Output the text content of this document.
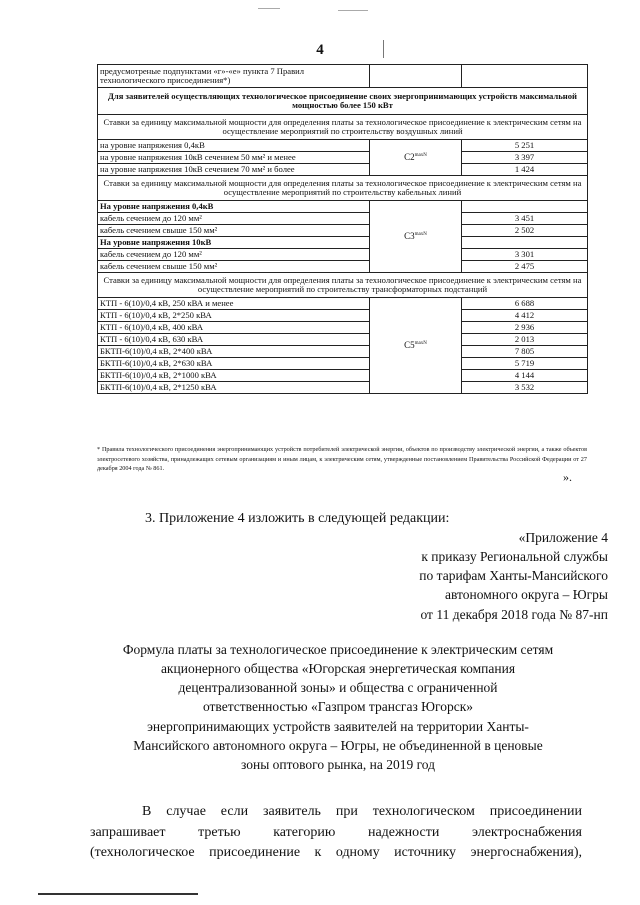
4
предусмотреные подпунктами «г»-«е» пункта 7 Правил технологического присоединения*)		
Для заявителей осуществляющих технологическое присоединение своих энергопринимающих устройств максимальной мощностью более 150 кВт		
Ставки за единицу максимальной мощности для определения платы за технологическое присоединение к электрическим сетям на осуществление мероприятий по строительству воздушных линий		
на уровне напряжения 0,4кВ	$С2^{maxN}$	5 251
на уровне напряжения 10кВ сечением 50 мм² и менее		3 397
на уровне напряжения 10кВ сечением 70 мм² и более		1 424
Ставки за единицу максимальной мощности для определения платы за технологическое присоединение к электрическим сетям на осуществление мероприятий по строительству кабельных линий		
На уровне напряжения 0,4кВ	$С3^{maxN}$	
кабель сечением до 120 мм²		3 451
кабель сечением свыше 150 мм²		2 502
На уровне напряжения 10кВ		
кабель сечением до 120 мм²		3 301
кабель сечением свыше 150 мм²		2 475
Ставки за единицу максимальной мощности для определения платы за технологическое присоединение к электрическим сетям на осуществление мероприятий по строительству трансформаторных подстанций		
КТП - 6(10)/0,4 кВ, 250 кВА и менее	$С5^{maxN}$	6 688
КТП - 6(10)/0,4 кВ, 2*250 кВА		4 412
КТП - 6(10)/0,4 кВ, 400 кВА		2 936
КТП - 6(10)/0,4 кВ, 630 кВА		2 013
БКТП-6(10)/0,4 кВ, 2*400 кВА		7 805
БКТП-6(10)/0,4 кВ, 2*630 кВА		5 719
БКТП-6(10)/0,4 кВ, 2*1000 кВА		4 144
БКТП-6(10)/0,4 кВ, 2*1250 кВА		3 532
* Правила технологического присоединения энергопринимающих устройств потребителей электрической энергии, объектов по производству электрической энергии, а также объектов электросетевого хозяйства, принадлежащих сетевым организациям и иным лицам, к электрическим сетям, утвержденные постановлением Правительства Российской Федерации от 27 декабря 2004 года № 861.
».
3. Приложение 4 изложить в следующей редакции:
«Приложение 4
к приказу Региональной службы
по тарифам Ханты-Мансийского
автономного округа – Югры
от 11 декабря 2018 года № 87-нп
Формула платы за технологическое присоединение к электрическим сетям
акционерного общества «Югорская энергетическая компания
децентрализованной зоны» и общества с ограниченной
ответственностью «Газпром трансгаз Югорск»
энергопринимающих устройств заявителей на территории Ханты-
Мансийского автономного округа – Югры, не объединенной в ценовые
зоны оптового рынка, на 2019 год
В случае если заявитель при технологическом присоединении
запрашивает третью категорию надежности электроснабжения
(технологическое присоединение к одному источнику энергоснабжения),
